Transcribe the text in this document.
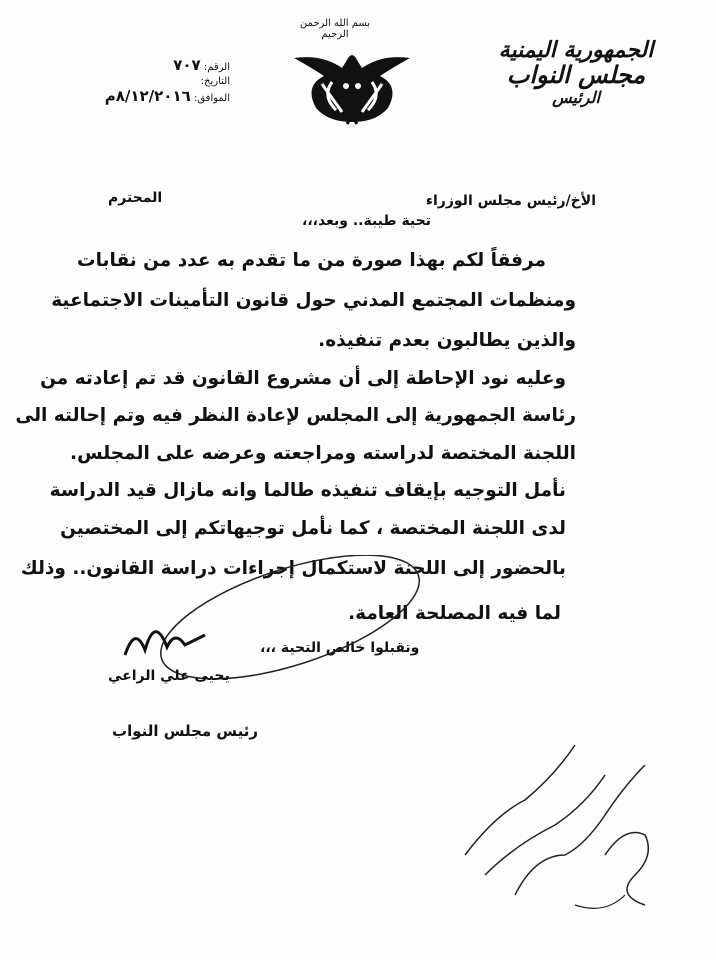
الجمهورية اليمنية
مجلس النواب
الرئيس
بسم الله الرحمن الرحيم
الرقم: ٧٠٧
التاريخ:
الموافق: ٨/١٢/٢٠١٦م
الأخ/رئيس مجلس الوزراء
المحترم
تحية طيبة.. وبعد،،،
مرفقاً لكم بهذا صورة من ما تقدم به عدد من نقابات
ومنظمات المجتمع المدني حول قانون التأمينات الاجتماعية
والذين يطالبون بعدم تنفيذه.
وعليه نود الإحاطة إلى أن مشروع القانون قد تم إعادته من
رئاسة الجمهورية إلى المجلس لإعادة النظر فيه وتم إحالته الى
اللجنة المختصة لدراسته ومراجعته وعرضه على المجلس.
نأمل التوجيه بإيقاف تنفيذه طالما وانه مازال قيد الدراسة
لدى اللجنة المختصة ، كما نأمل توجيهاتكم إلى المختصين
بالحضور إلى اللجنة لاستكمال إجراءات دراسة القانون.. وذلك
لما فيه المصلحة العامة.
وتقبلوا خالص التحية ،،،
يحيى علي الراعي
رئيس مجلس النواب
